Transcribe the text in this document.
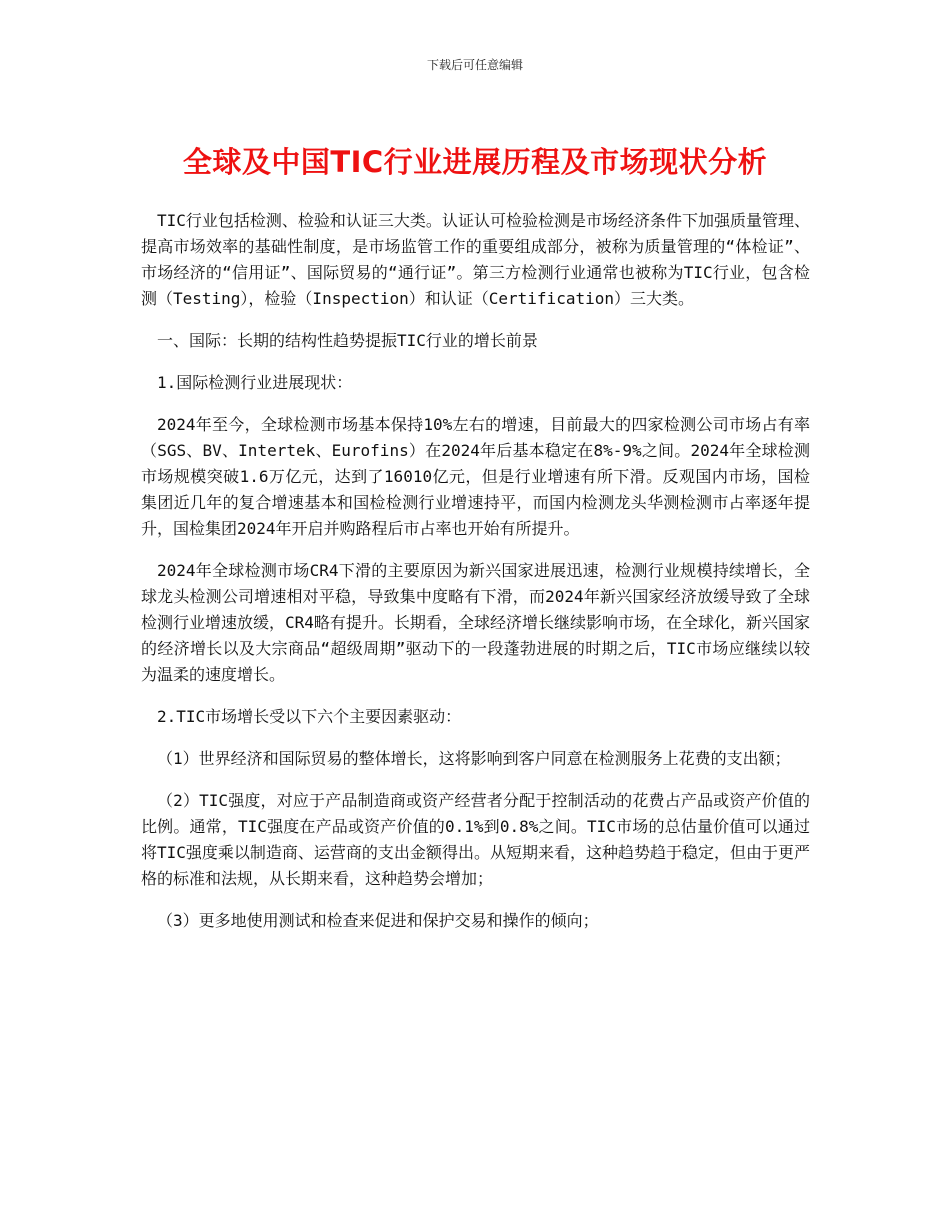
下载后可任意编辑
全球及中国TIC行业进展历程及市场现状分析

TIC行业包括检测、检验和认证三大类。认证认可检验检测是市场经济条件下加强质量管理、提高市场效率的基础性制度，是市场监管工作的重要组成部分，被称为质量管理的“体检证”、市场经济的“信用证”、国际贸易的“通行证”。第三方检测行业通常也被称为TIC行业，包含检测（Testing），检验（Inspection）和认证（Certification）三大类。

一、国际：长期的结构性趋势提振TIC行业的增长前景

1.国际检测行业进展现状：

2024年至今，全球检测市场基本保持10%左右的增速，目前最大的四家检测公司市场占有率（SGS、BV、Intertek、Eurofins）在2024年后基本稳定在8%-9%之间。2024年全球检测市场规模突破1.6万亿元，达到了16010亿元，但是行业增速有所下滑。反观国内市场，国检集团近几年的复合增速基本和国检检测行业增速持平，而国内检测龙头华测检测市占率逐年提升，国检集团2024年开启并购路程后市占率也开始有所提升。

2024年全球检测市场CR4下滑的主要原因为新兴国家进展迅速，检测行业规模持续增长，全球龙头检测公司增速相对平稳，导致集中度略有下滑，而2024年新兴国家经济放缓导致了全球检测行业增速放缓，CR4略有提升。长期看，全球经济增长继续影响市场，在全球化，新兴国家的经济增长以及大宗商品“超级周期”驱动下的一段蓬勃进展的时期之后，TIC市场应继续以较为温柔的速度增长。

2.TIC市场增长受以下六个主要因素驱动：

（1）世界经济和国际贸易的整体增长，这将影响到客户同意在检测服务上花费的支出额；

（2）TIC强度，对应于产品制造商或资产经营者分配于控制活动的花费占产品或资产价值的比例。通常，TIC强度在产品或资产价值的0.1%到0.8%之间。TIC市场的总估量价值可以通过将TIC强度乘以制造商、运营商的支出金额得出。从短期来看，这种趋势趋于稳定，但由于更严格的标准和法规，从长期来看，这种趋势会增加；

（3）更多地使用测试和检查来促进和保护交易和操作的倾向；
